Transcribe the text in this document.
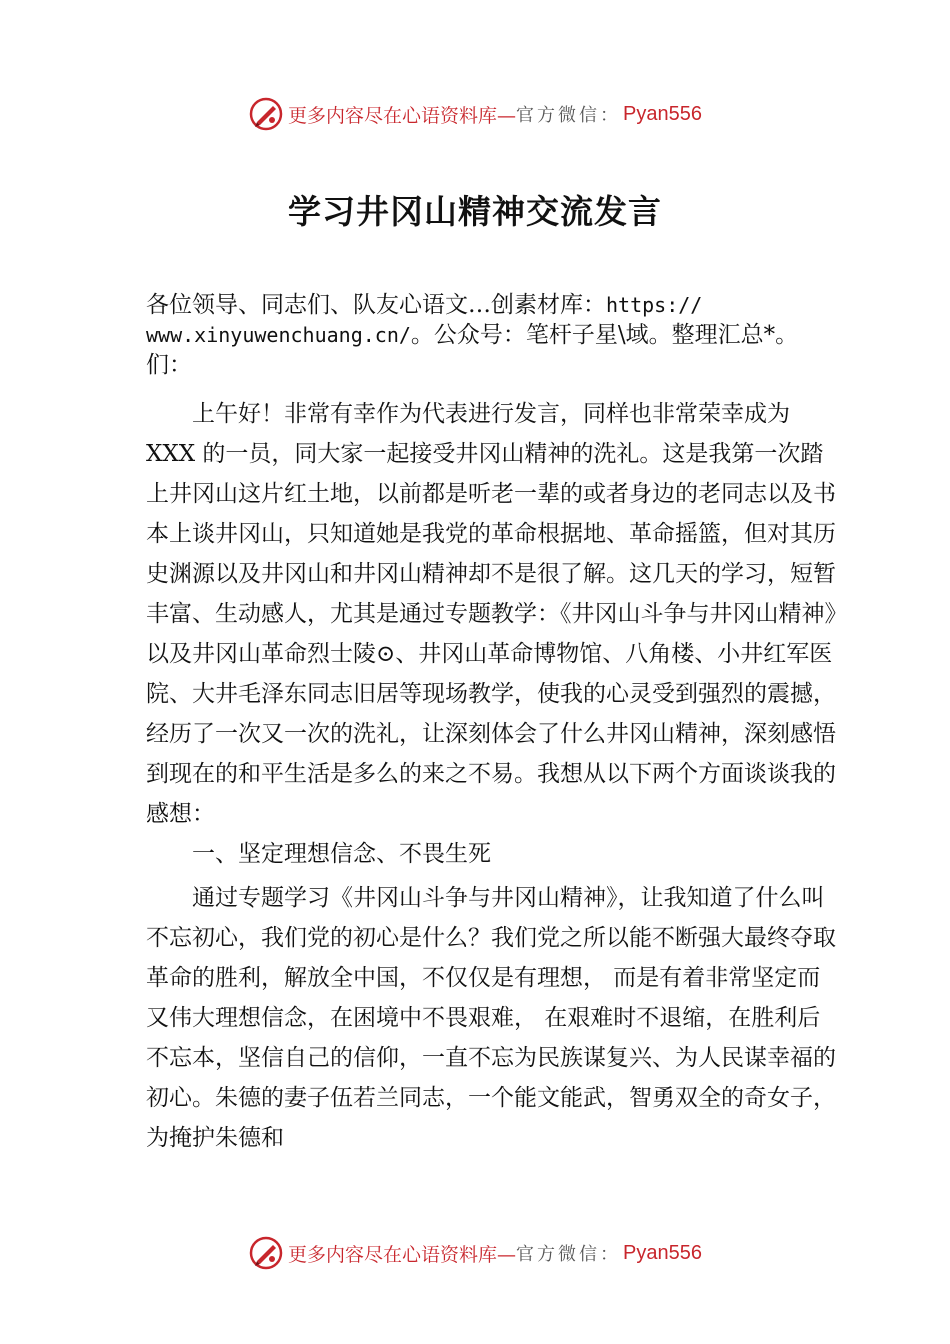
更多内容尽在心语资料库— 官方微信： Pyan556
学习井冈山精神交流发言
各位领导、同志们、队友心语文…创素材库：https://
www.xinyuwenchuang.cn/。公众号：笔杆子星\域。整理汇总*。
们：
上午好！非常有幸作为代表进行发言，同样也非常荣幸成为 XXX 的一员，同大家一起接受井冈山精神的洗礼。这是我第一次踏上井冈山这片红土地，以前都是听老一辈的或者身边的老同志以及书本上谈井冈山，只知道她是我党的革命根据地、革命摇篮，但对其历史渊源以及井冈山和井冈山精神却不是很了解。这几天的学习，短暂丰富、生动感人，尤其是通过专题教学：《井冈山斗争与井冈山精神》以及井冈山革命烈士陵⊙、井冈山革命博物馆、八角楼、小井红军医院、大井毛泽东同志旧居等现场教学，使我的心灵受到强烈的震撼，经历了一次又一次的洗礼，让深刻体会了什么井冈山精神，深刻感悟到现在的和平生活是多么的来之不易。我想从以下两个方面谈谈我的感想：
一、坚定理想信念、不畏生死
通过专题学习《井冈山斗争与井冈山精神》，让我知道了什么叫不忘初心，我们党的初心是什么？我们党之所以能不断强大最终夺取革命的胜利，解放全中国，不仅仅是有理想， 而是有着非常坚定而又伟大理想信念，在困境中不畏艰难， 在艰难时不退缩，在胜利后不忘本，坚信自己的信仰，一直不忘为民族谋复兴、为人民谋幸福的初心。朱德的妻子伍若兰同志，一个能文能武，智勇双全的奇女子，为掩护朱德和
更多内容尽在心语资料库— 官方微信： Pyan556
